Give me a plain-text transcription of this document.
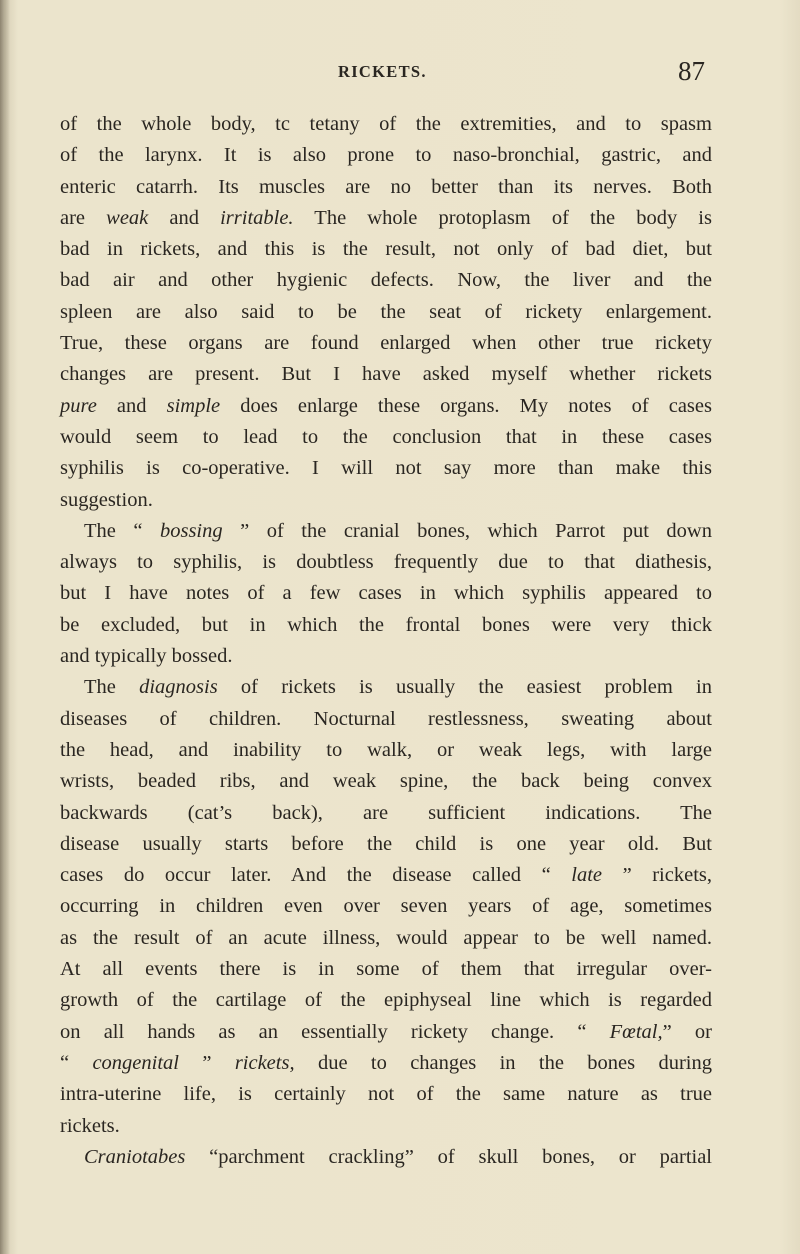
RICKETS.	87
of the whole body, tc tetany of the extremities, and to spasm
of the larynx. It is also prone to naso-bronchial, gastric, and
enteric catarrh. Its muscles are no better than its nerves. Both
are weak and irritable. The whole protoplasm of the body is
bad in rickets, and this is the result, not only of bad diet, but
bad air and other hygienic defects. Now, the liver and the
spleen are also said to be the seat of rickety enlargement.
True, these organs are found enlarged when other true rickety
changes are present. But I have asked myself whether rickets
pure and simple does enlarge these organs. My notes of cases
would seem to lead to the conclusion that in these cases
syphilis is co-operative. I will not say more than make this
suggestion.
The “ bossing ” of the cranial bones, which Parrot put down
always to syphilis, is doubtless frequently due to that diathesis,
but I have notes of a few cases in which syphilis appeared to
be excluded, but in which the frontal bones were very thick
and typically bossed.
The diagnosis of rickets is usually the easiest problem in
diseases of children. Nocturnal restlessness, sweating about
the head, and inability to walk, or weak legs, with large
wrists, beaded ribs, and weak spine, the back being convex
backwards (cat’s back), are sufficient indications. The
disease usually starts before the child is one year old. But
cases do occur later. And the disease called “ late ” rickets,
occurring in children even over seven years of age, sometimes
as the result of an acute illness, would appear to be well named.
At all events there is in some of them that irregular over-
growth of the cartilage of the epiphyseal line which is regarded
on all hands as an essentially rickety change. “ Fœtal,” or
“ congenital ” rickets, due to changes in the bones during
intra-uterine life, is certainly not of the same nature as true
rickets.
Craniotabes “parchment crackling” of skull bones, or partial
